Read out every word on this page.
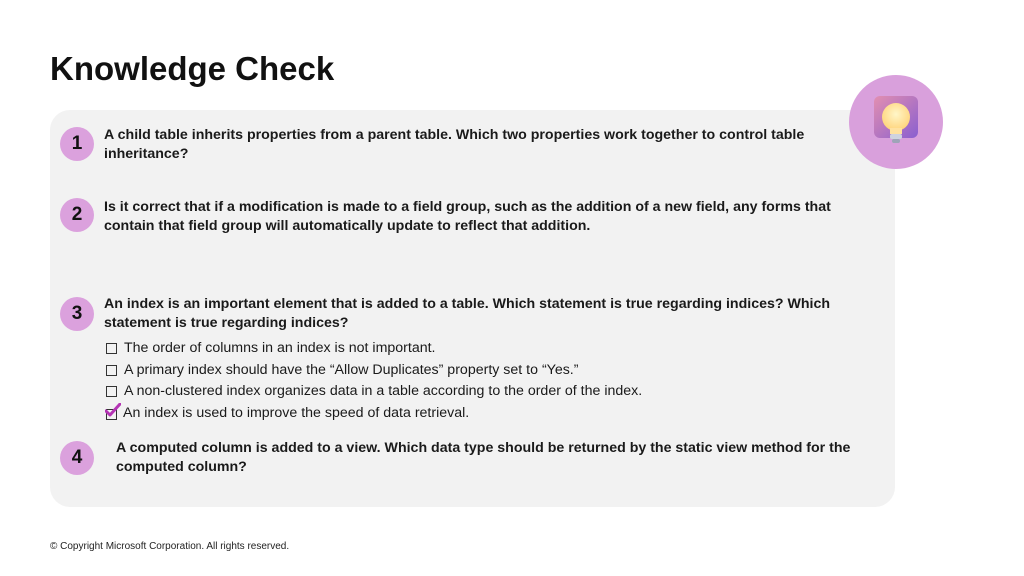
Knowledge Check
1	A child table inherits properties from a parent table. Which two properties work together to control table inheritance?

2	Is it correct that if a modification is made to a field group, such as the addition of a new field, any forms that contain that field group will automatically update to reflect that addition.

3	An index is an important element that is added to a table. Which statement is true regarding indices? Which statement is true regarding indices?

The order of columns in an index is not important.
A primary index should have the “Allow Duplicates” property set to “Yes.”
A non-clustered index organizes data in a table according to the order of the index.
An index is used to improve the speed of data retrieval.
4	A computed column is added to a view. Which data type should be returned by the static view method for the computed column?

© Copyright Microsoft Corporation. All rights reserved.
